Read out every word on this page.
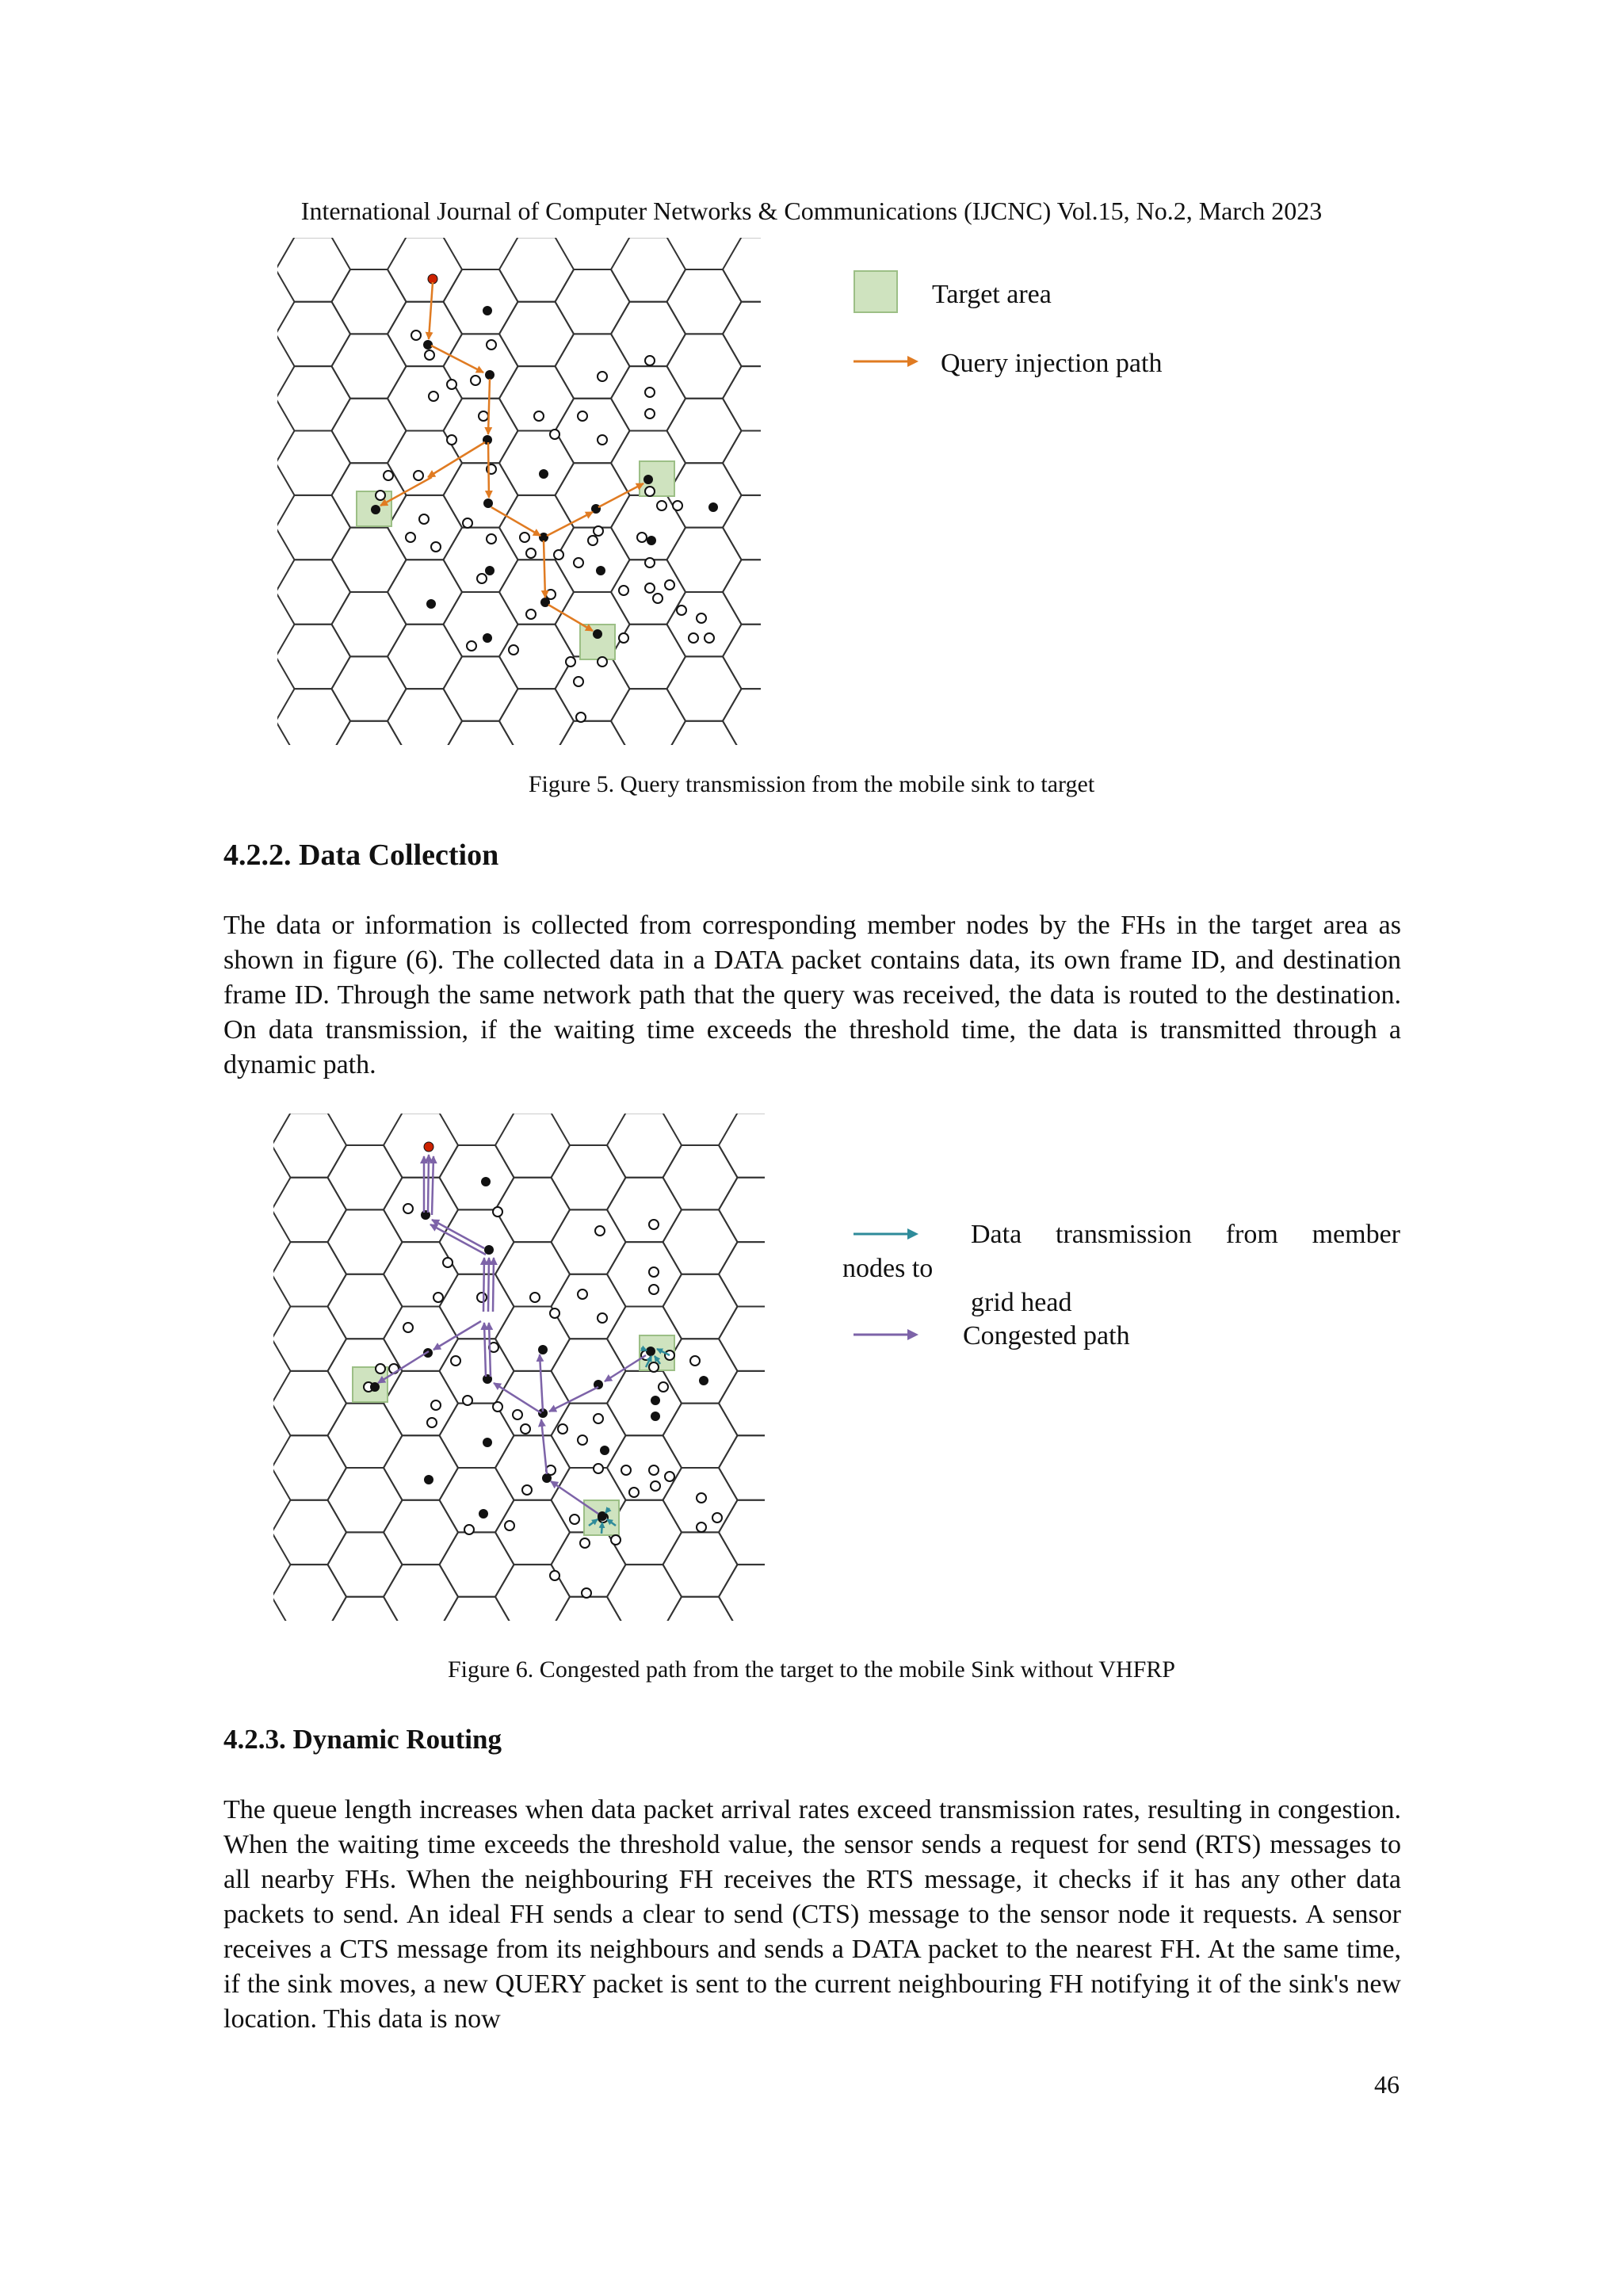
International Journal of Computer Networks & Communications (IJCNC) Vol.15, No.2, March 2023
Target area
Query injection path
Figure 5. Query transmission from the mobile sink to target
4.2.2. Data Collection

The data or information is collected from corresponding member nodes by the FHs in the target area as shown in figure (6). The collected data in a DATA packet contains data, its own frame ID, and destination frame ID. Through the same network path that the query was received, the data is routed to the destination. On data transmission, if the waiting time exceeds the threshold time, the data is transmitted through a dynamic path.

Data transmission from member
nodes to
grid head
Congested path
Figure 6. Congested path from the target to the mobile Sink without VHFRP
4.2.3. Dynamic Routing

The queue length increases when data packet arrival rates exceed transmission rates, resulting in congestion. When the waiting time exceeds the threshold value, the sensor sends a request for send (RTS) messages to all nearby FHs. When the neighbouring FH receives the RTS message, it checks if it has any other data packets to send. An ideal FH sends a clear to send (CTS) message to the sensor node it requests. A sensor receives a CTS message from its neighbours and sends a DATA packet to the nearest FH. At the same time, if the sink moves, a new QUERY packet is sent to the current neighbouring FH notifying it of the sink's new location. This data is now

46
